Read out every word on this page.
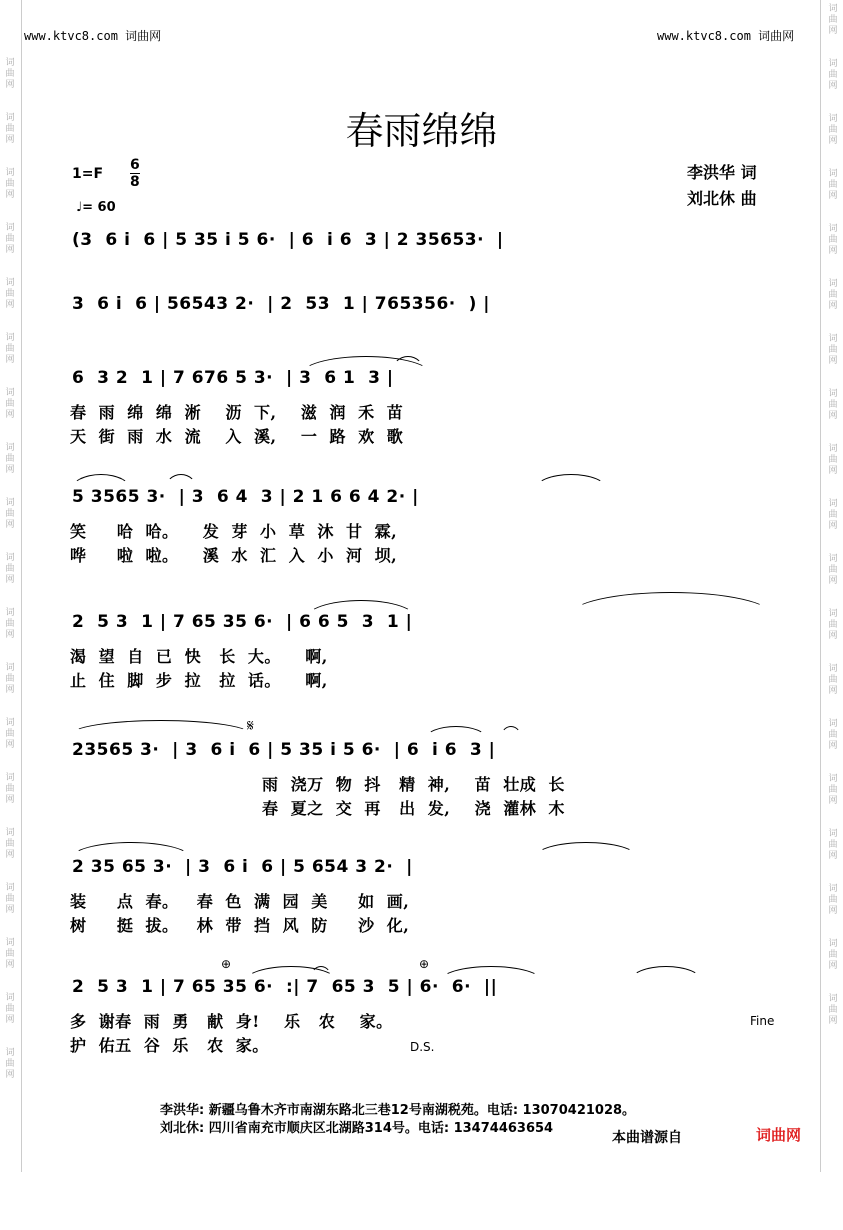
www.ktvc8.com 词曲网	www.ktvc8.com 词曲网
词
曲
网
词
曲
网
词
曲
网
词
曲
网
词
曲
网
词
曲
网
词
曲
网
词
曲
网
词
曲
网
词
曲
网
词
曲
网
词
曲
网
词
曲
网
词
曲
网
词
曲
网
词
曲
网
词
曲
网
词
曲
网
词
曲
网
词
曲
网
词
曲
网
词
曲
网
词
曲
网
词
曲
网
词
曲
网
词
曲
网
词
曲
网
词
曲
网
词
曲
网
词
曲
网
词
曲
网
词
曲
网
词
曲
网
词
曲
网
词
曲
网
词
曲
网
词
曲
网
词
曲
网
春雨绵绵
李洪华 词
刘北休 曲
1=F
6
8
♩= 60
(3  6 i  6 | 5 35 i 5 6·  | 6  i 6  3 | 2 35653·  |
3  6 i  6 | 56543 2·  | 2  53  1 | 765356·  ) |
6  3 2  1 | 7 676 5 3·  | 3  6 1  3 |
春  雨  绵  绵  淅    沥  下,    滋  润  禾  苗
天  街  雨  水  流    入  溪,    一  路  欢  歌
5 3565 3·  | 3  6 4  3 | 2 1 6 6 4 2· |
笑     哈  哈。    发  芽  小  草  沐  甘  霖,
哗     啦  啦。    溪  水  汇  入  小  河  坝,
2  5 3  1 | 7 65 35 6·  | 6 6 5  3  1 |
渴  望  自  已  快   长  大。    啊,
止  住  脚  步  拉   拉  话。    啊,
23565 3·  | 3  6 i  6 | 5 35 i 5 6·  | 6  i 6  3 |
雨  浇万  物  抖   精  神,    苗  壮成  长
春  夏之  交  再   出  发,    浇  灌林  木
2 35 65 3·  | 3  6 i  6 | 5 654 3 2·  |
装     点  春。   春  色  满  园  美     如  画,
树     挺  拔。   林  带  挡  风  防     沙  化,
2  5 3  1 | 7 65 35 6·  :| 7  65 3  5 | 6·  6·  ||
多  谢春  雨  勇   献  身!    乐   农    家。
护  佑五  谷  乐   农  家。
𝄋
⊕	⊕
Fine
D.S.
李洪华: 新疆乌鲁木齐市南湖东路北三巷12号南湖税苑。电话: 13070421028。
刘北休: 四川省南充市顺庆区北湖路314号。电话: 13474463654
本曲谱源自	词曲网
